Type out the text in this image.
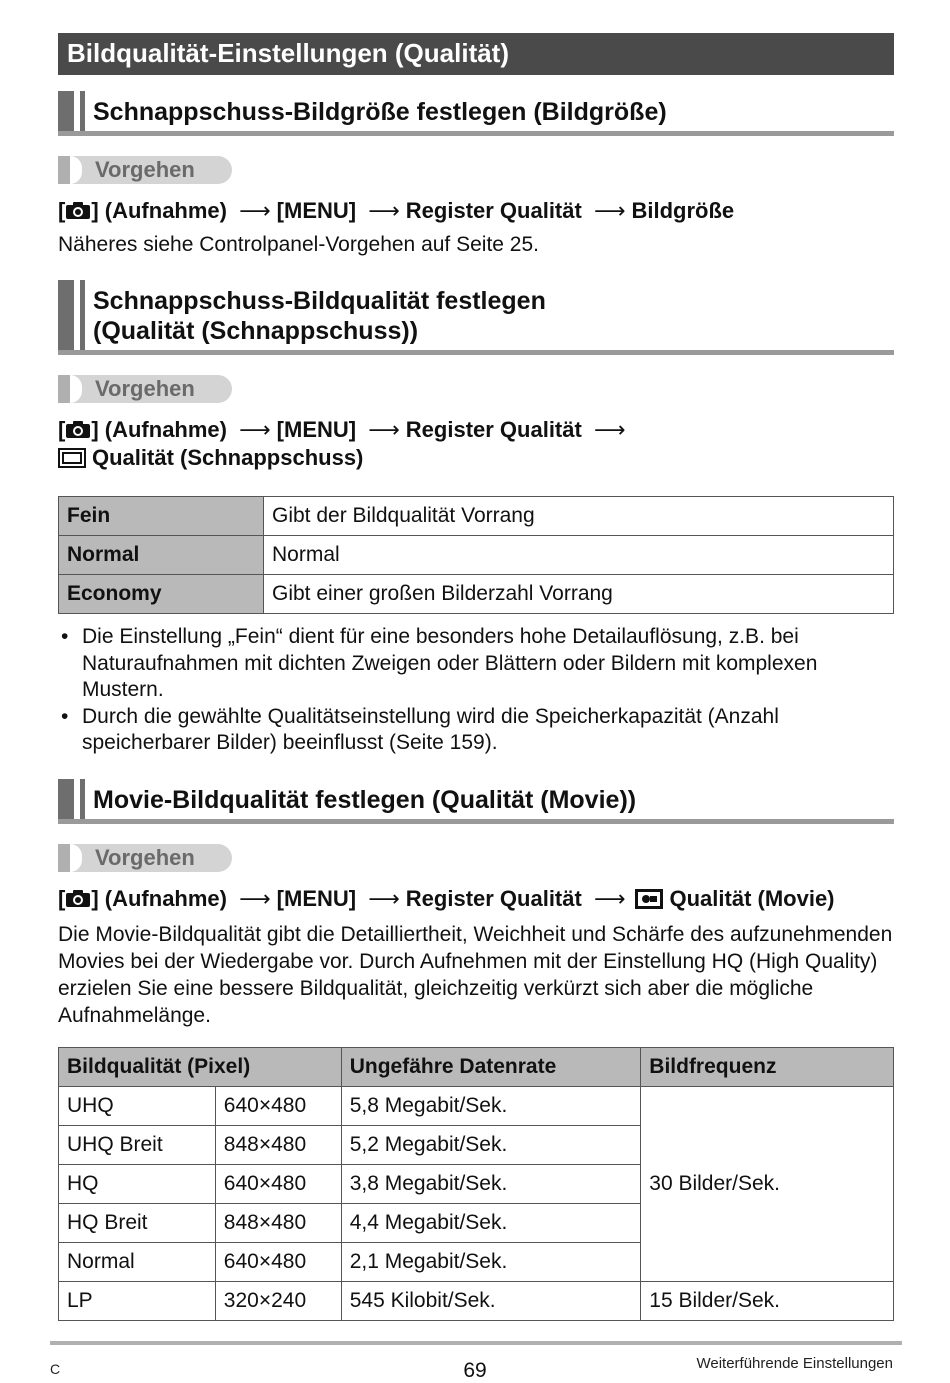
Bildqualität-Einstellungen (Qualität)
Schnappschuss-Bildgröße festlegen (Bildgröße)
Vorgehen
[ ] (Aufnahme) ⟶ [MENU] ⟶ Register Qualität ⟶ Bildgröße
Näheres siehe Controlpanel-Vorgehen auf Seite 25.
Schnappschuss-Bildqualität festlegen
(Qualität (Schnappschuss))
Vorgehen
[ ] (Aufnahme) ⟶ [MENU] ⟶ Register Qualität ⟶

Qualität (Schnappschuss)
Fein	Gibt der Bildqualität Vorrang
Normal	Normal
Economy	Gibt einer großen Bilderzahl Vorrang
• Die Einstellung „Fein“ dient für eine besonders hohe Detailauflösung, z.B. bei Naturaufnahmen mit dichten Zweigen oder Blättern oder Bildern mit komplexen Mustern.
• Durch die gewählte Qualitätseinstellung wird die Speicherkapazität (Anzahl speicherbarer Bilder) beeinflusst (Seite 159).
Movie-Bildqualität festlegen (Qualität (Movie))
Vorgehen
[ ] (Aufnahme) ⟶ [MENU] ⟶ Register Qualität ⟶ Qualität (Movie)
Die Movie-Bildqualität gibt die Detailliertheit, Weichheit und Schärfe des aufzunehmenden Movies bei der Wiedergabe vor. Durch Aufnehmen mit der Einstellung HQ (High Quality) erzielen Sie eine bessere Bildqualität, gleichzeitig verkürzt sich aber die mögliche Aufnahmelänge.
Bildqualität (Pixel)		Ungefähre Datenrate	Bildfrequenz
UHQ	640×480	5,8 Megabit/Sek.	30 Bilder/Sek.
UHQ Breit	848×480	5,2 Megabit/Sek.	
HQ	640×480	3,8 Megabit/Sek.	
HQ Breit	848×480	4,4 Megabit/Sek.	
Normal	640×480	2,1 Megabit/Sek.	
LP	320×240	545 Kilobit/Sek.	15 Bilder/Sek.
C	69	Weiterführende Einstellungen
